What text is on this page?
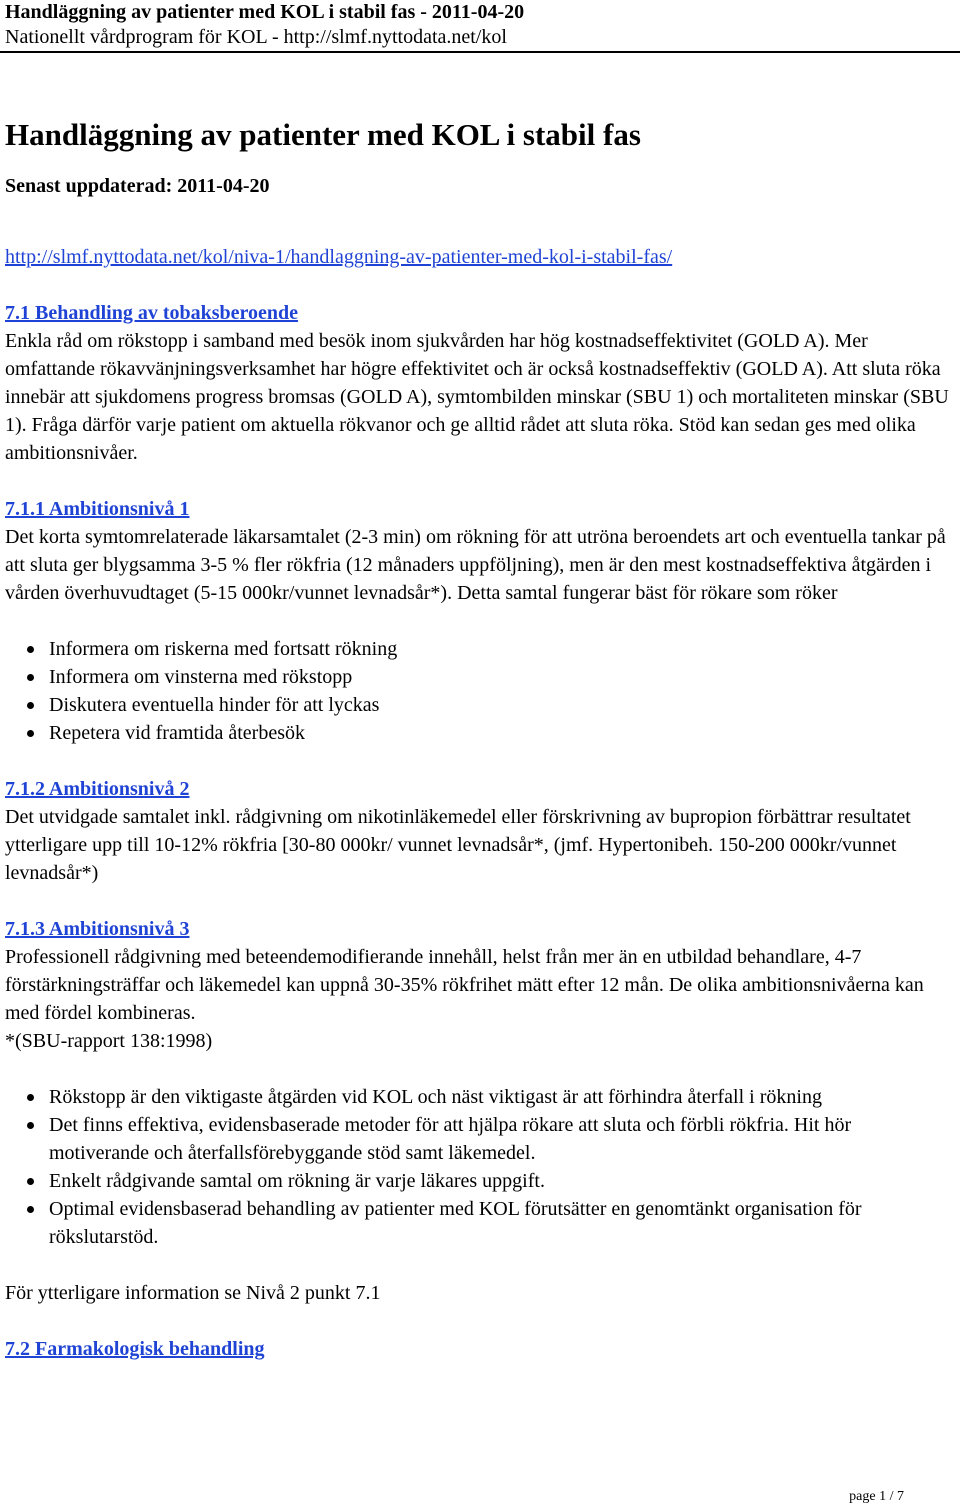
Handläggning av patienter med KOL i stabil fas - 2011-04-20
Nationellt vårdprogram för KOL - http://slmf.nyttodata.net/kol
Handläggning av patienter med KOL i stabil fas

Senast uppdaterad: 2011-04-20

http://slmf.nyttodata.net/kol/niva-1/handlaggning-av-patienter-med-kol-i-stabil-fas/
7.1 Behandling av tobaksberoende

Enkla råd om rökstopp i samband med besök inom sjukvården har hög kostnadseffektivitet (GOLD A). Mer omfattande rökavvänjningsverksamhet har högre effektivitet och är också kostnadseffektiv (GOLD A). Att sluta röka innebär att sjukdomens progress bromsas (GOLD A), symtombilden minskar (SBU 1) och mortaliteten minskar (SBU 1). Fråga därför varje patient om aktuella rökvanor och ge alltid rådet att sluta röka. Stöd kan sedan ges med olika ambitionsnivåer.

7.1.1 Ambitionsnivå 1

Det korta symtomrelaterade läkarsamtalet (2-3 min) om rökning för att utröna beroendets art och eventuella tankar på att sluta ger blygsamma 3-5 % fler rökfria (12 månaders uppföljning), men är den mest kostnadseffektiva åtgärden i vården överhuvudtaget (5-15 000kr/vunnet levnadsår*). Detta samtal fungerar bäst för rökare som röker

Informera om riskerna med fortsatt rökning
Informera om vinsterna med rökstopp
Diskutera eventuella hinder för att lyckas
Repetera vid framtida återbesök
7.1.2 Ambitionsnivå 2

Det utvidgade samtalet inkl. rådgivning om nikotinläkemedel eller förskrivning av bupropion förbättrar resultatet ytterligare upp till 10-12% rökfria [30-80 000kr/ vunnet levnadsår*, (jmf. Hypertonibeh. 150-200 000kr/vunnet levnadsår*)

7.1.3 Ambitionsnivå 3

Professionell rådgivning med beteendemodifierande innehåll, helst från mer än en utbildad behandlare, 4-7 förstärkningsträffar och läkemedel kan uppnå 30-35% rökfrihet mätt efter 12 mån. De olika ambitionsnivåerna kan med fördel kombineras.

*(SBU-rapport 138:1998)

Rökstopp är den viktigaste åtgärden vid KOL och näst viktigast är att förhindra återfall i rökning
Det finns effektiva, evidensbaserade metoder för att hjälpa rökare att sluta och förbli rökfria. Hit hör motiverande och återfallsförebyggande stöd samt läkemedel.
Enkelt rådgivande samtal om rökning är varje läkares uppgift.
Optimal evidensbaserad behandling av patienter med KOL förutsätter en genomtänkt organisation för rökslutarstöd.

För ytterligare information se Nivå 2 punkt 7.1

7.2 Farmakologisk behandling
page 1 / 7
